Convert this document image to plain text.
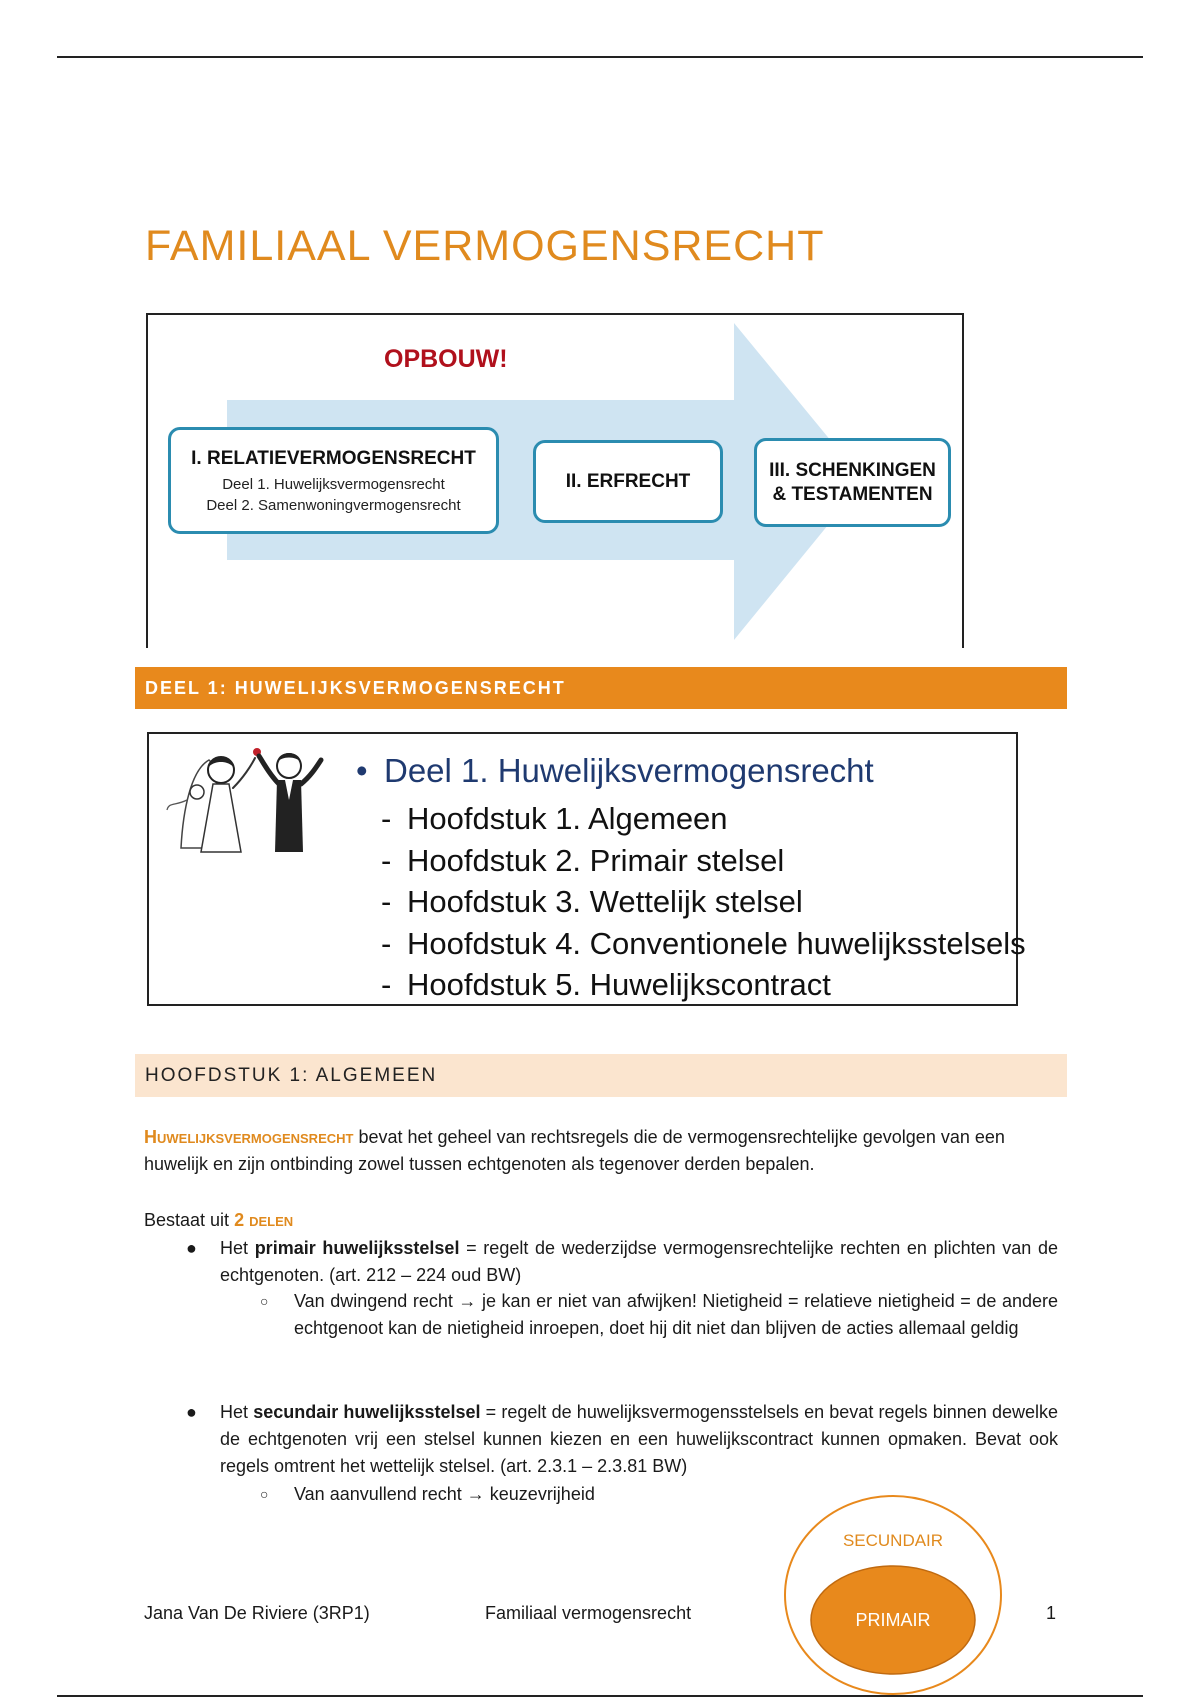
FAMILIAAL VERMOGENSRECHT
OPBOUW!
I. RELATIEVERMOGENSRECHT
Deel 1. Huwelijksvermogensrecht
Deel 2. Samenwoningvermogensrecht
II. ERFRECHT
III. SCHENKINGEN
& TESTAMENTEN
DEEL 1: HUWELIJKSVERMOGENSRECHT
• Deel 1. Huwelijksvermogensrecht
- Hoofdstuk 1. Algemeen
- Hoofdstuk 2. Primair stelsel
- Hoofdstuk 3. Wettelijk stelsel
- Hoofdstuk 4. Conventionele huwelijksstelsels
- Hoofdstuk 5. Huwelijkscontract
HOOFDSTUK 1: ALGEMEEN
Huwelijksvermogensrecht bevat het geheel van rechtsregels die de vermogensrechtelijke gevolgen van een huwelijk en zijn ontbinding zowel tussen echtgenoten als tegenover derden bepalen.
Bestaat uit 2 delen
● Het primair huwelijksstelsel = regelt de wederzijdse vermogensrechtelijke rechten en plichten van de echtgenoten. (art. 212 – 224 oud BW)
○ Van dwingend recht → je kan er niet van afwijken! Nietigheid = relatieve nietigheid = de andere echtgenoot kan de nietigheid inroepen, doet hij dit niet dan blijven de acties allemaal geldig
● Het secundair huwelijksstelsel = regelt de huwelijksvermogensstelsels en bevat regels binnen dewelke de echtgenoten vrij een stelsel kunnen kiezen en een huwelijkscontract kunnen opmaken. Bevat ook regels omtrent het wettelijk stelsel. (art. 2.3.1 – 2.3.81 BW)
○ Van aanvullend recht → keuzevrijheid
SECUNDAIR
PRIMAIR
Jana Van De Riviere (3RP1)	Familiaal vermogensrecht	1
